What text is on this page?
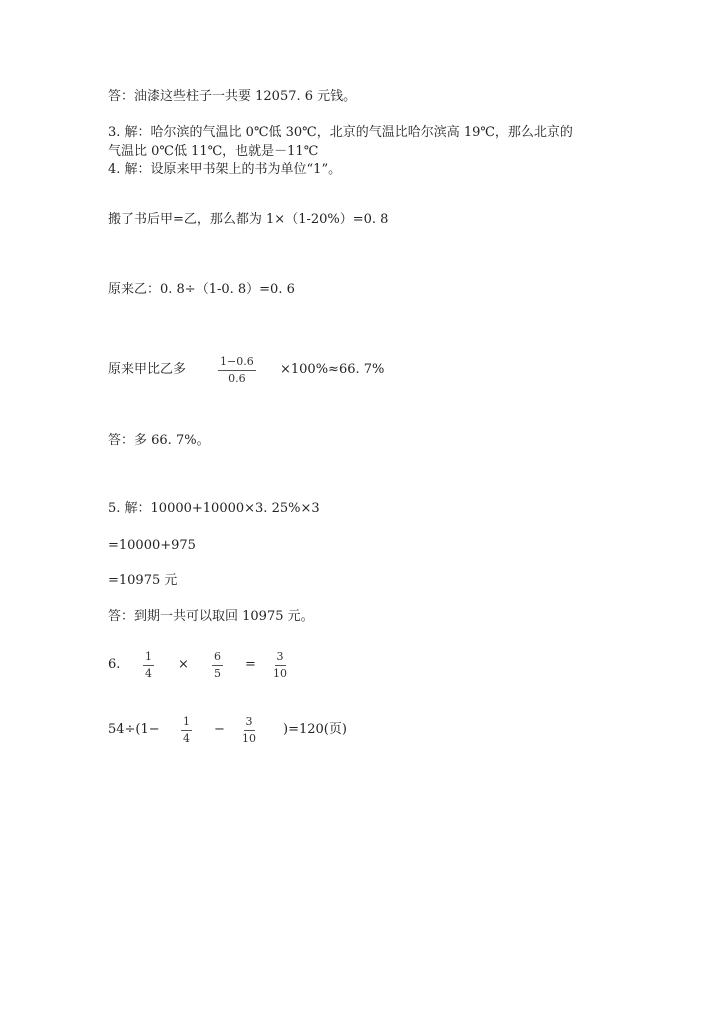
答：油漆这些柱子一共要 12057. 6 元钱。
3. 解：哈尔滨的气温比 0℃低 30℃，北京的气温比哈尔滨高 19℃，那么北京的
气温比 0℃低 11℃，也就是－11℃
4. 解：设原来甲书架上的书为单位“1”。
搬了书后甲=乙，那么都为 1×（1-20%）=0. 8
原来乙：0. 8÷（1-0. 8）=0. 6
原来甲比乙多	$\frac{1-0.6}{0.6} \times 100\%\approx 66$. 7%
答：多 66. 7%。
5. 解：10000+10000×3. 25%×3
=10000+975
=10975 元
答：到期一共可以取回 10975 元。
6. $\frac{1}{4} \times \frac{6}{5} = \frac{3}{10}$
$54\div(1- \frac{1}{4} - \frac{3}{10} )=120$(页)
